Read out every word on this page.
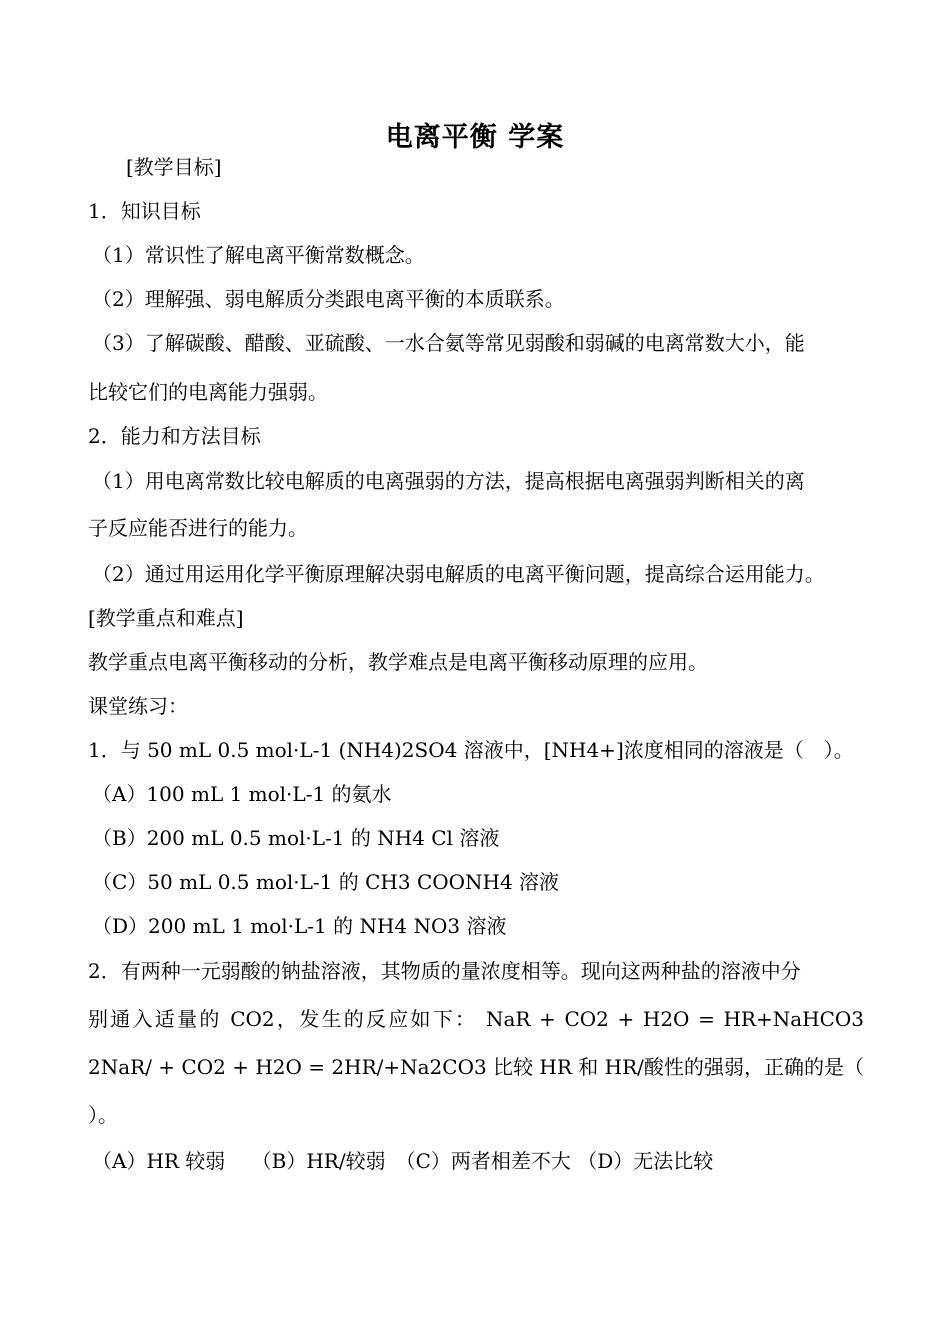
电离平衡 学案
[教学目标]
1．知识目标
（1）常识性了解电离平衡常数概念。
（2）理解强、弱电解质分类跟电离平衡的本质联系。
（3）了解碳酸、醋酸、亚硫酸、一水合氨等常见弱酸和弱碱的电离常数大小，能
比较它们的电离能力强弱。
2．能力和方法目标
（1）用电离常数比较电解质的电离强弱的方法，提高根据电离强弱判断相关的离
子反应能否进行的能力。
（2）通过用运用化学平衡原理解决弱电解质的电离平衡问题，提高综合运用能力。
[教学重点和难点]
教学重点电离平衡移动的分析，教学难点是电离平衡移动原理的应用。
课堂练习：
1．与 50 mL 0.5 mol·L-1 (NH4)2SO4 溶液中，[NH4+]浓度相同的溶液是（　）。
（A）100 mL 1 mol·L-1 的氨水
（B）200 mL 0.5 mol·L-1 的 NH4 Cl 溶液
（C）50 mL 0.5 mol·L-1 的 CH3 COONH4 溶液
（D）200 mL 1 mol·L-1 的 NH4 NO3 溶液
2．有两种一元弱酸的钠盐溶液，其物质的量浓度相等。现向这两种盐的溶液中分
别通入适量的 CO2，发生的反应如下： NaR + CO2 + H2O = HR+NaHCO3
2NaR/ + CO2 + H2O = 2HR/+Na2CO3 比较 HR 和 HR/酸性的强弱，正确的是（
）。
（A）HR 较弱　 （B）HR/较弱　（C）两者相差不大 （D）无法比较
